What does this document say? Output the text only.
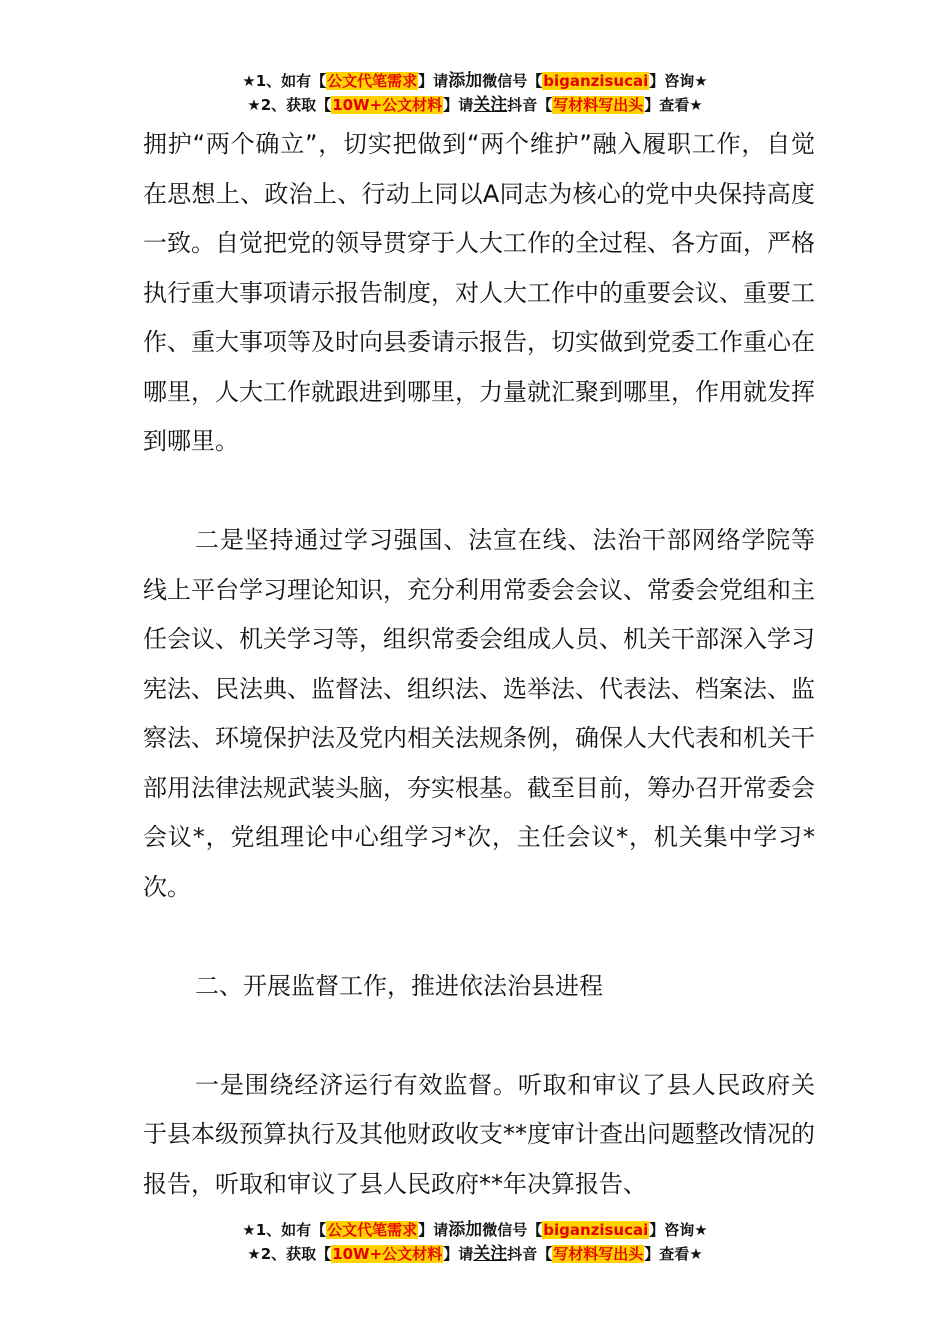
★1、如有【公文代笔需求】请添加微信号【biganzisucai】咨询★
★2、获取【10W+公文材料】请关注抖音【写材料写出头】查看★

拥护“两个确立”，切实把做到“两个维护”融入履职工作，自觉在思想上、政治上、行动上同以A同志为核心的党中央保持高度一致。自觉把党的领导贯穿于人大工作的全过程、各方面，严格执行重大事项请示报告制度，对人大工作中的重要会议、重要工作、重大事项等及时向县委请示报告，切实做到党委工作重心在哪里，人大工作就跟进到哪里，力量就汇聚到哪里，作用就发挥到哪里。

二是坚持通过学习强国、法宣在线、法治干部网络学院等线上平台学习理论知识，充分利用常委会会议、常委会党组和主任会议、机关学习等，组织常委会组成人员、机关干部深入学习宪法、民法典、监督法、组织法、选举法、代表法、档案法、监察法、环境保护法及党内相关法规条例，确保人大代表和机关干部用法律法规武装头脑，夯实根基。截至目前，筹办召开常委会会议*，党组理论中心组学习*次，主任会议*，机关集中学习*次。

二、开展监督工作，推进依法治县进程

一是围绕经济运行有效监督。听取和审议了县人民政府关于县本级预算执行及其他财政收支**度审计查出问题整改情况的报告，听取和审议了县人民政府**年决算报告、

★1、如有【公文代笔需求】请添加微信号【biganzisucai】咨询★
★2、获取【10W+公文材料】请关注抖音【写材料写出头】查看★
